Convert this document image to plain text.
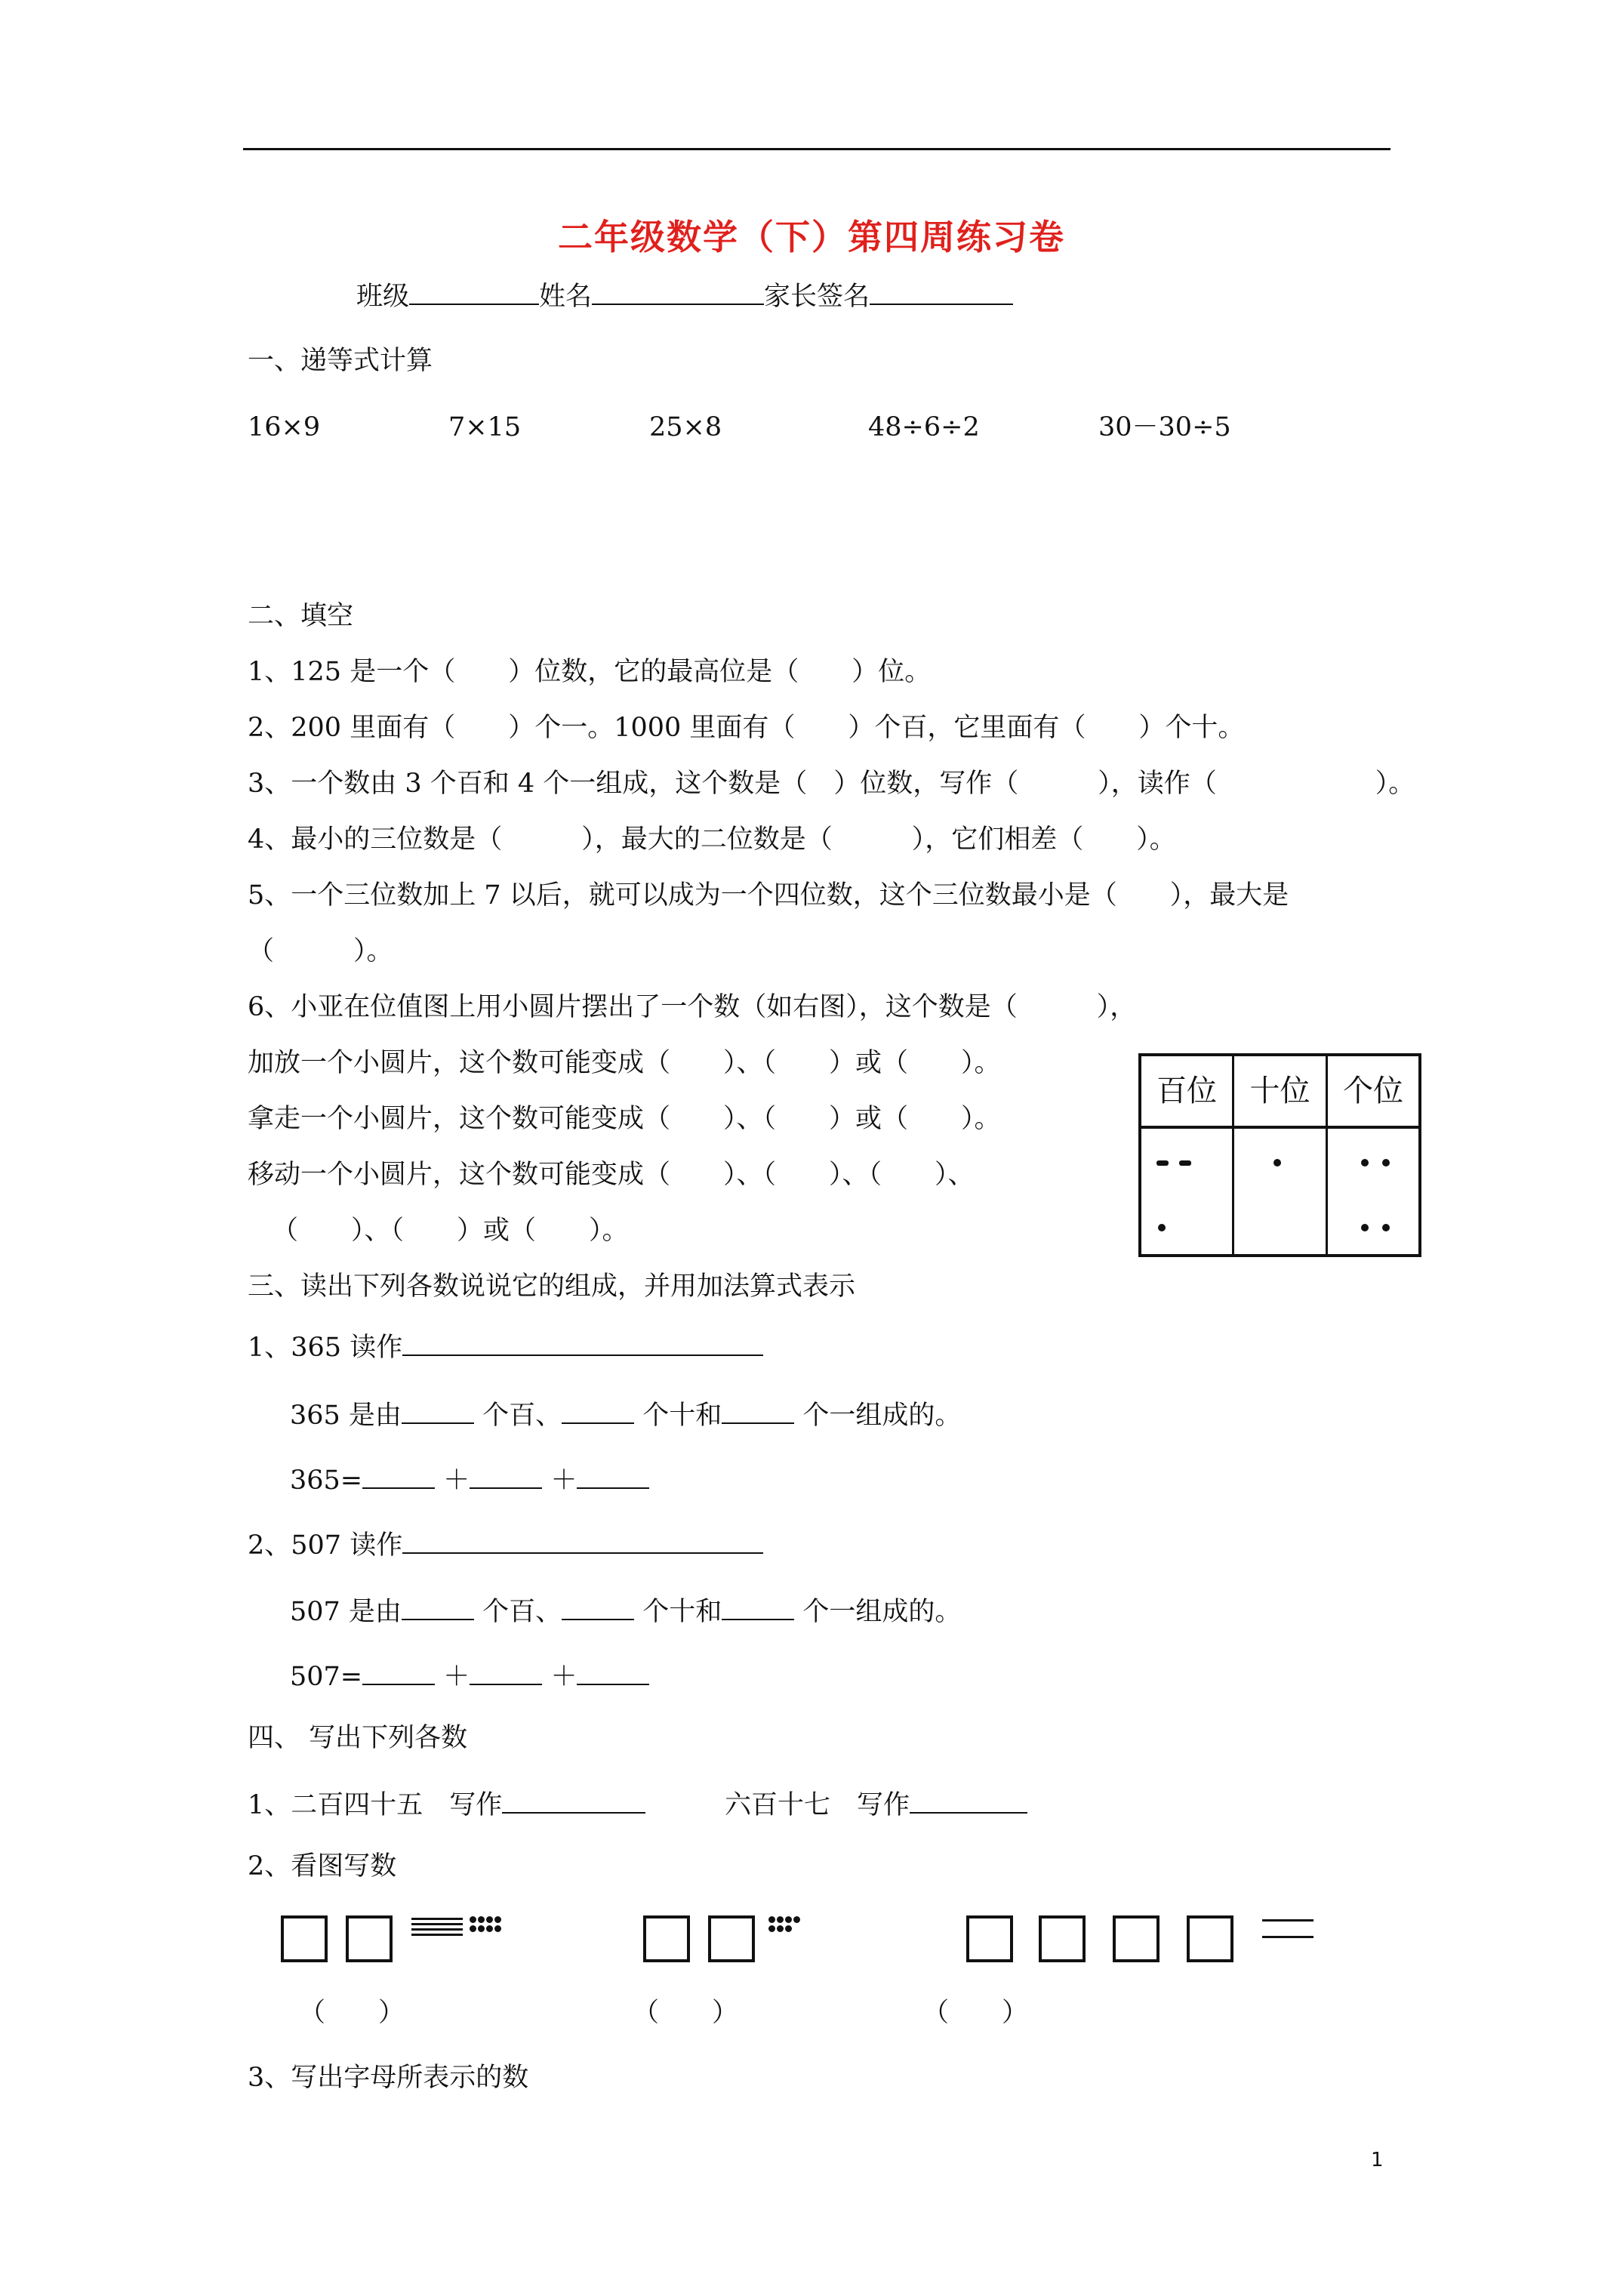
二年级数学（下）第四周练习卷
班级	姓名	家长签名
一、递等式计算
16×9	7×15	25×8	48÷6÷2	30－30÷5
二、填空
1、125 是一个（　　）位数，它的最高位是（　　）位。
2、200 里面有（　　）个一。1000 里面有（　　）个百，它里面有（　　）个十。
3、一个数由 3 个百和 4 个一组成，这个数是（　）位数，写作（　　　），读作（　　　　　　）。
4、最小的三位数是（　　　），最大的二位数是（　　　），它们相差（　　）。
5、一个三位数加上 7 以后，就可以成为一个四位数，这个三位数最小是（　　），最大是
（　　　）。
6、小亚在位值图上用小圆片摆出了一个数（如右图），这个数是（　　　），
加放一个小圆片，这个数可能变成（　　）、（　　）或（　　）。
拿走一个小圆片，这个数可能变成（　　）、（　　）或（　　）。
移动一个小圆片，这个数可能变成（　　）、（　　）、（　　）、
（　　）、（　　）或（　　）。
百位	十位	个位
三、读出下列各数说说它的组成，并用加法算式表示
1、365 读作
365 是由	个百、	个十和	个一组成的。
365=	＋	＋
2、507 读作
507 是由	个百、	个十和	个一组成的。
507=	＋	＋
四、 写出下列各数
1、二百四十五　写作	六百十七　写作
2、看图写数
（　　）	（　　）	（　　）
3、写出字母所表示的数
1
